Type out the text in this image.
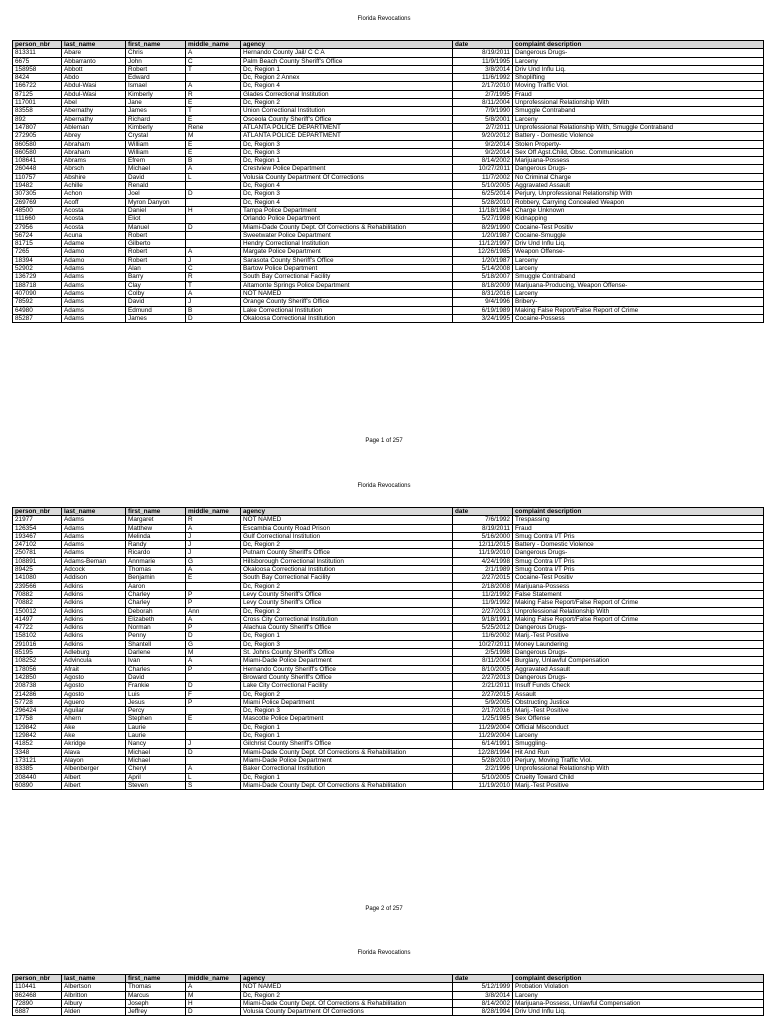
Florida Revocations
person_nbr	last_name	first_name	middle_name	agency	date	complaint description
813311	Abare	Chris	A	Hernando County Jail/ C C A	8/19/2011	Dangerous Drugs-
6675	Abbarranto	John	C	Palm Beach County Sheriff's Office	11/9/1995	Larceny
158958	Abbott	Robert	T	Dc, Region 1	3/8/2014	Driv Und Influ Liq.
8424	Abdo	Edward		Dc, Region 2 Annex	11/6/1992	Shoplifting
166722	Abdul-Wasi	Ismael	A	Dc, Region 4	2/17/2010	Moving Traffic Viol.
87125	Abdul-Wasi	Kimberly	R	Glades Correctional Institution	2/7/1995	Fraud
117001	Abel	Jane	E	Dc, Region 2	8/11/2004	Unprofessional Relationship With
83558	Abernathy	James	T	Union Correctional Institution	7/9/1990	Smuggle Contraband
892	Abernathy	Richard	E	Osceola County Sheriff's Office	5/8/2001	Larceny
147807	Ableman	Kimberly	Rene	ATLANTA POLICE DEPARTMENT	2/7/2011	Unprofessional Relationship With, Smuggle Contraband
272905	Abrey	Crystal	M	ATLANTA POLICE DEPARTMENT	9/20/2012	Battery - Domestic Violence
860580	Abraham	William	E	Dc, Region 3	9/2/2014	Stolen Property-
860580	Abraham	William	E	Dc, Region 3	9/2/2014	Sex Off Agst.Child, Obsc. Communication
108641	Abrams	Efrem	B	Dc, Region 1	8/14/2002	Marijuana-Possess
260448	Abrsch	Michael	A	Crestview Police Department	10/27/2011	Dangerous Drugs-
110757	Abshire	David	L	Volusia County Department Of Corrections	11/7/2002	No Criminal Charge
19482	Achille	Renald		Dc, Region 4	5/10/2005	Aggravated Assault
307305	Achon	Joel	D	Dc, Region 3	6/25/2014	Perjury, Unprofessional Relationship With
269769	Acoff	Myron Danyon		Dc, Region 4	5/28/2010	Robbery, Carrying Concealed Weapon
48500	Acosta	Daniel	H	Tampa Police Department	11/18/1984	Charge Unknown
111660	Acosta	Eliot		Orlando Police Department	5/27/1998	Kidnapping
27956	Acosta	Manuel	D	Miami-Dade County Dept. Of Corrections & Rehabilitation	8/29/1990	Cocaine-Test Positiv
56724	Acuna	Robert		Sweetwater Police Department	1/20/1987	Cocaine-Smuggle
81715	Adame	Gilberto		Hendry Correctional Institution	11/12/1997	Driv Und Influ Liq.
7265	Adamo	Robert	A	Margate Police Department	12/26/1985	Weapon Offense-
18394	Adamo	Robert	J	Sarasota County Sheriff's Office	1/20/1987	Larceny
52902	Adams	Alan	C	Bartow Police Department	5/14/2008	Larceny
136729	Adams	Barry	R	South Bay Correctional Facility	5/18/2007	Smuggle Contraband
188718	Adams	Clay	T	Altamonte Springs Police Department	8/18/2009	Marijuana-Producing, Weapon Offense-
407090	Adams	Colby	A	NOT NAMED	8/31/2016	Larceny
78592	Adams	David	J	Orange County Sheriff's Office	9/4/1996	Bribery-
64980	Adams	Edmund	B	Lake Correctional Institution	6/19/1989	Making False Report/False Report of Crime
85287	Adams	James	D	Okaloosa Correctional Institution	3/24/1995	Cocaine-Possess
Page 1 of 257
Florida Revocations
person_nbr	last_name	first_name	middle_name	agency	date	complaint description
21977	Adams	Margaret	R	NOT NAMED	7/6/1992	Trespassing
126354	Adams	Matthew	A	Escambia County Road Prison	8/19/2011	Fraud
193467	Adams	Melinda	J	Gulf Correctional Institution	5/16/2000	Smug Contra I/T Pris
247102	Adams	Randy	J	Dc, Region 2	12/11/2015	Battery - Domestic Violence
250781	Adams	Ricardo	J	Putnam County Sheriff's Office	11/19/2010	Dangerous Drugs-
108891	Adams-Beman	Annmarie	G	Hillsborough Correctional Institution	4/24/1998	Smug Contra I/T Pris
89425	Adcock	Thomas	A	Okaloosa Correctional Institution	2/1/1989	Smug Contra I/T Pris
141080	Addison	Benjamin	E	South Bay Correctional Facility	2/27/2015	Cocaine-Test Positiv
239566	Adkins	Aaron		Dc, Region 2	2/18/2008	Marijuana-Possess
70882	Adkins	Charley	P	Levy County Sheriff's Office	11/2/1992	False Statement
70882	Adkins	Charley	P	Levy County Sheriff's Office	11/9/1992	Making False Report/False Report of Crime
150012	Adkins	Deborah	Ann	Dc, Region 2	2/27/2013	Unprofessional Relationship With
41497	Adkins	Elizabeth	A	Cross City Correctional Institution	9/18/1991	Making False Report/False Report of Crime
47722	Adkins	Norman	P	Alachua County Sheriff's Office	5/25/2012	Dangerous Drugs-
158102	Adkins	Penny	D	Dc, Region 1	11/6/2002	Marij.-Test Positive
291016	Adkins	Shantell	G	Dc, Region 3	10/27/2011	Money Laundering
85195	Adleburg	Darlene	M	St. Johns County Sheriff's Office	2/5/1998	Dangerous Drugs-
108252	Advincula	Ivan	A	Miami-Dade Police Department	8/11/2004	Burglary, Unlawful Compensation
178056	Afrait	Charles	P	Hernando County Sheriff's Office	8/10/2005	Aggravated Assault
142850	Agosto	David		Broward County Sheriff's Office	2/27/2013	Dangerous Drugs-
208738	Agosto	Frankie	D	Lake City Correctional Facility	2/21/2011	Insuff Funds Check
214286	Agosto	Luis	F	Dc, Region 2	2/27/2015	Assault
57728	Aguero	Jesus	P	Miami Police Department	5/9/2005	Obstructing Justice
296424	Aguilar	Percy		Dc, Region 3	2/17/2016	Marij.-Test Positive
17758	Ahern	Stephen	E	Mascotte Police Department	1/25/1985	Sex Offense
129842	Ake	Laurie		Dc, Region 1	11/29/2004	Official Misconduct
129842	Ake	Laurie		Dc, Region 1	11/29/2004	Larceny
41852	Akridge	Nancy	J	Gilchrist County Sheriff's Office	6/14/1991	Smuggling-
3348	Alava	Michael	D	Miami-Dade County Dept. Of Corrections & Rehabilitation	12/28/1994	Hit And Run
173121	Alayon	Michael		Miami-Dade Police Department	5/28/2010	Perjury, Moving Traffic Viol.
83385	Albenberger	Cheryl	A	Baker Correctional Institution	2/2/1996	Unprofessional Relationship With
208440	Albert	April	L	Dc, Region 1	5/10/2005	Cruelty Toward Child
60890	Albert	Steven	S	Miami-Dade County Dept. Of Corrections & Rehabilitation	11/19/2010	Marij.-Test Positive
Page 2 of 257
Florida Revocations
person_nbr	last_name	first_name	middle_name	agency	date	complaint description
110441	Albertson	Thomas	A	NOT NAMED	5/12/1999	Probation Violation
862468	Albritton	Marcus	M	Dc, Region 2	3/8/2014	Larceny
72890	Albury	Joseph	H	Miami-Dade County Dept. Of Corrections & Rehabilitation	8/14/2002	Marijuana-Possess, Unlawful Compensation
6887	Alden	Jeffrey	D	Volusia County Department Of Corrections	8/28/1994	Driv Und Influ Liq.
